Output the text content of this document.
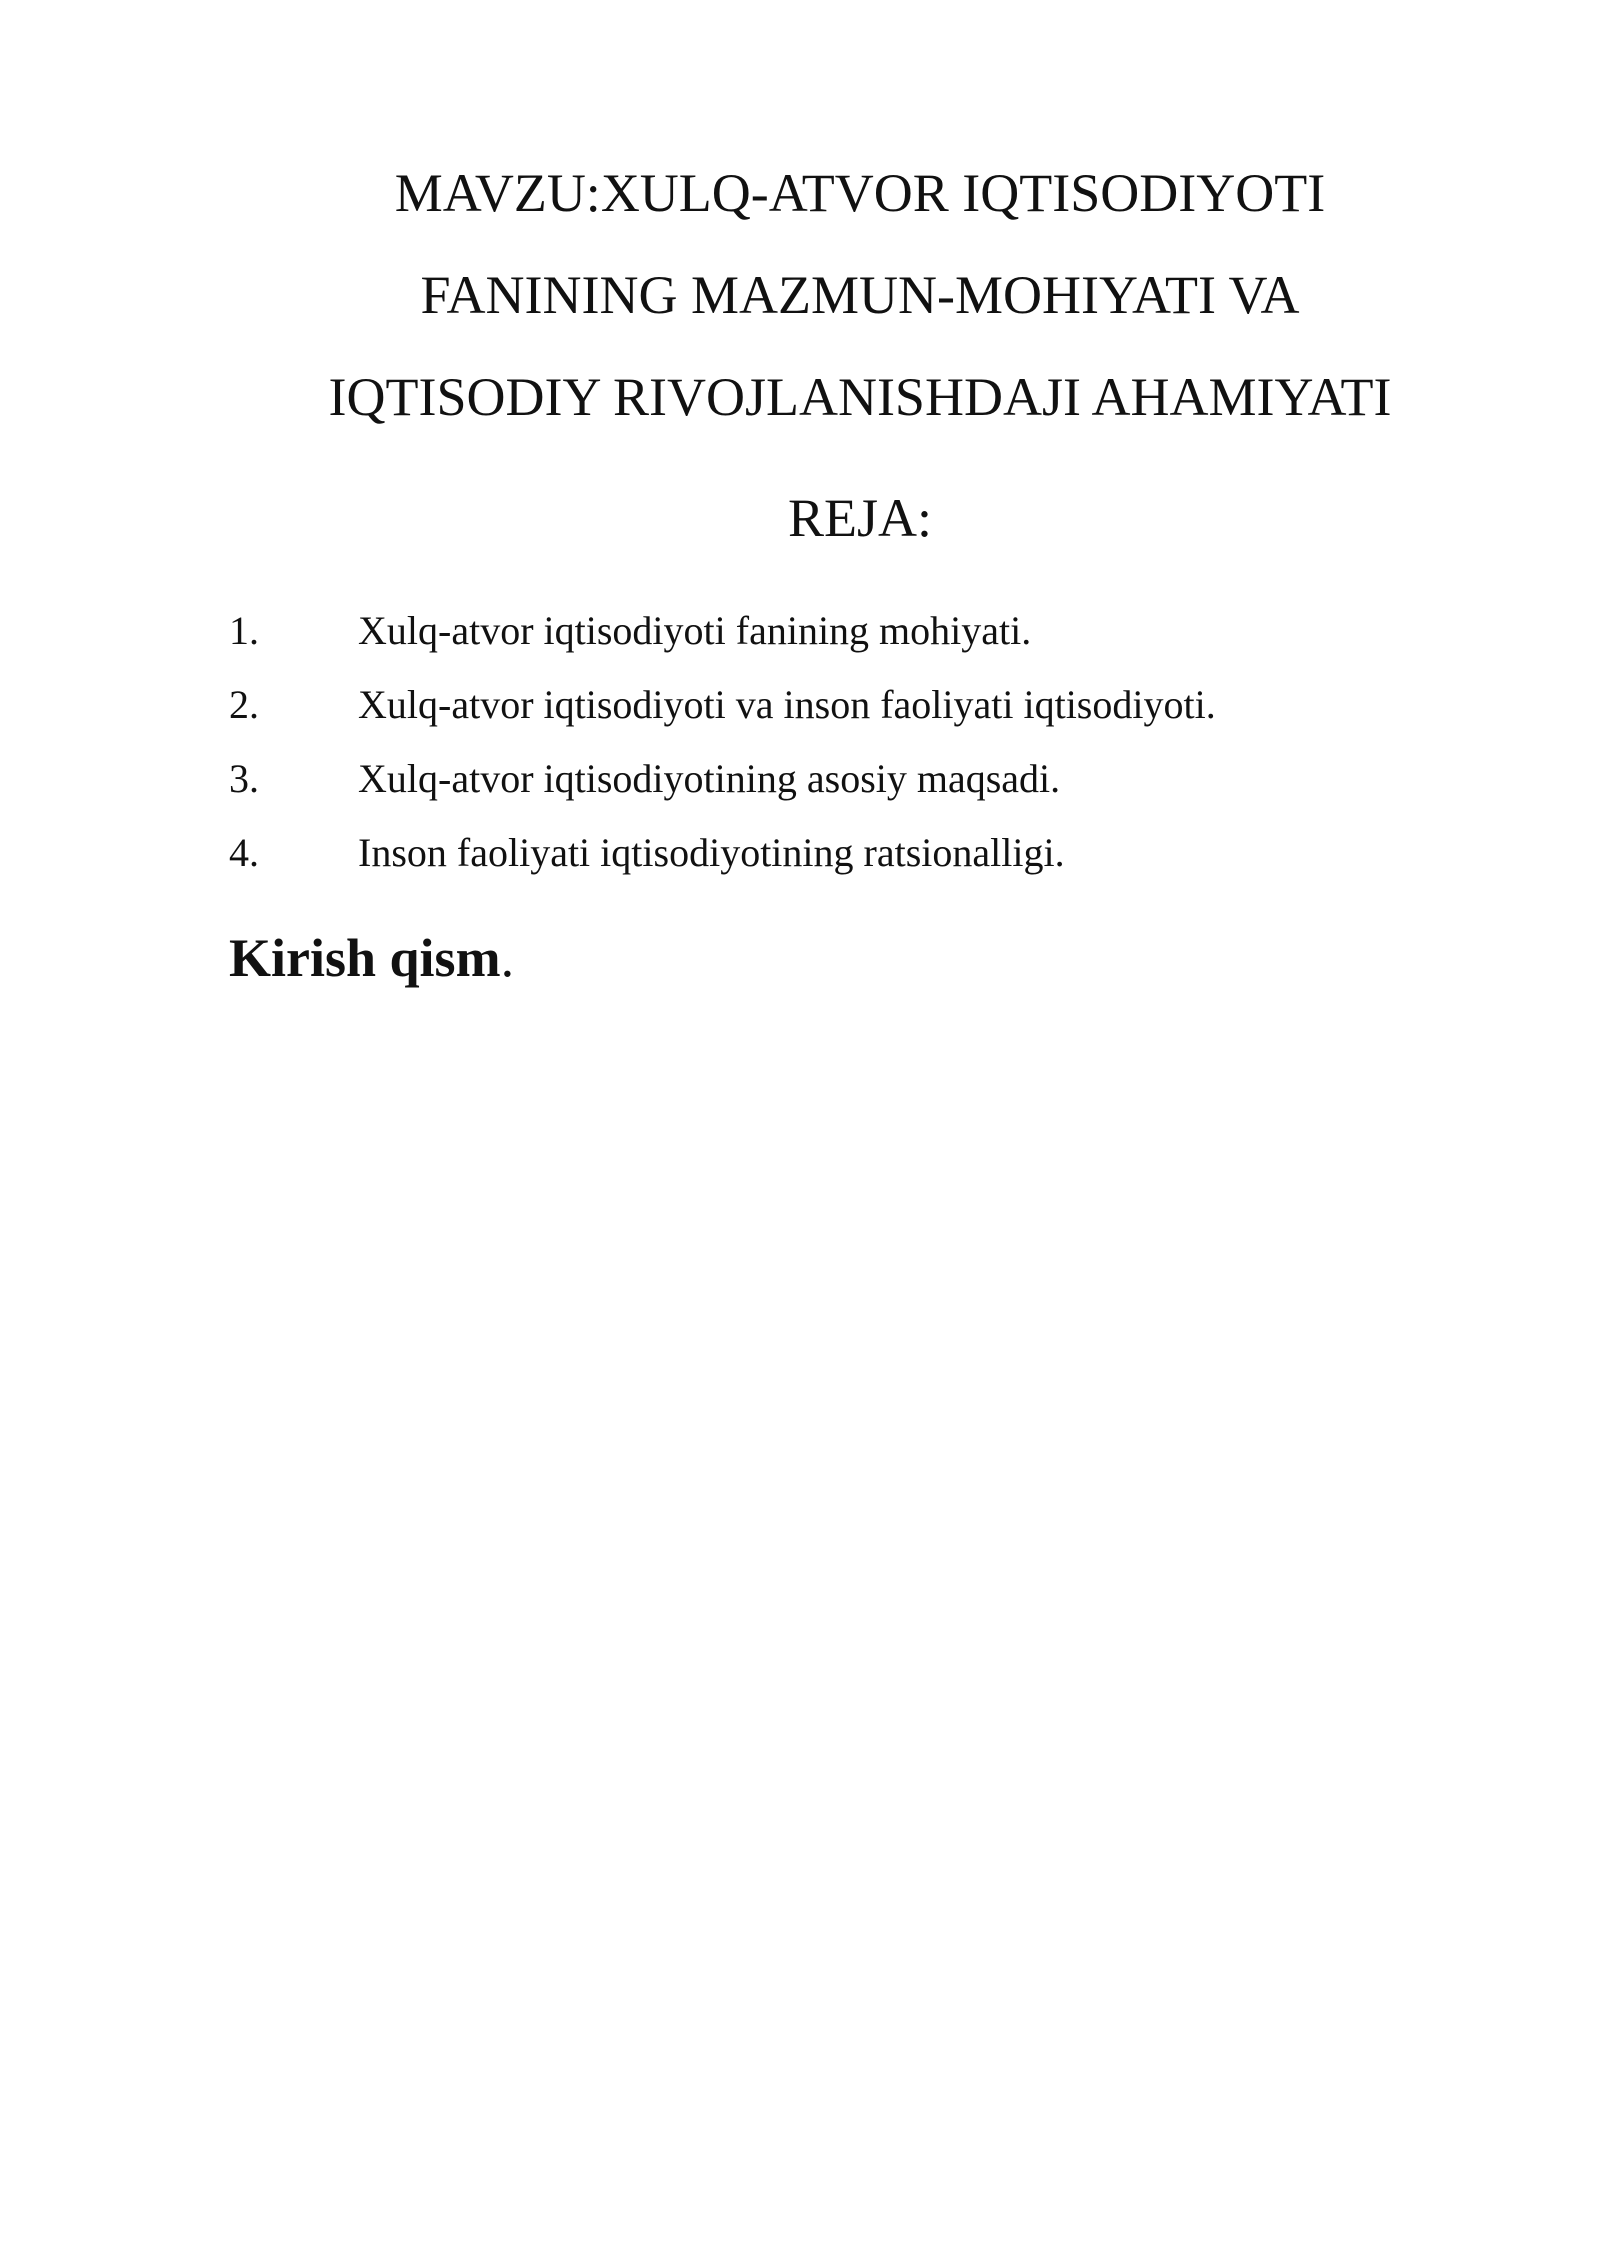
MAVZU:XULQ-ATVOR IQTISODIYOTI
FANINING MAZMUN-MOHIYATI VA
IQTISODIY RIVOJLANISHDAJI AHAMIYATI
REJA:
1. Xulq-atvor iqtisodiyoti fanining mohiyati.
2. Xulq-atvor iqtisodiyoti va inson faoliyati iqtisodiyoti.
3. Xulq-atvor iqtisodiyotining asosiy maqsadi.
4. Inson faoliyati iqtisodiyotining ratsionalligi.
Kirish qism.
